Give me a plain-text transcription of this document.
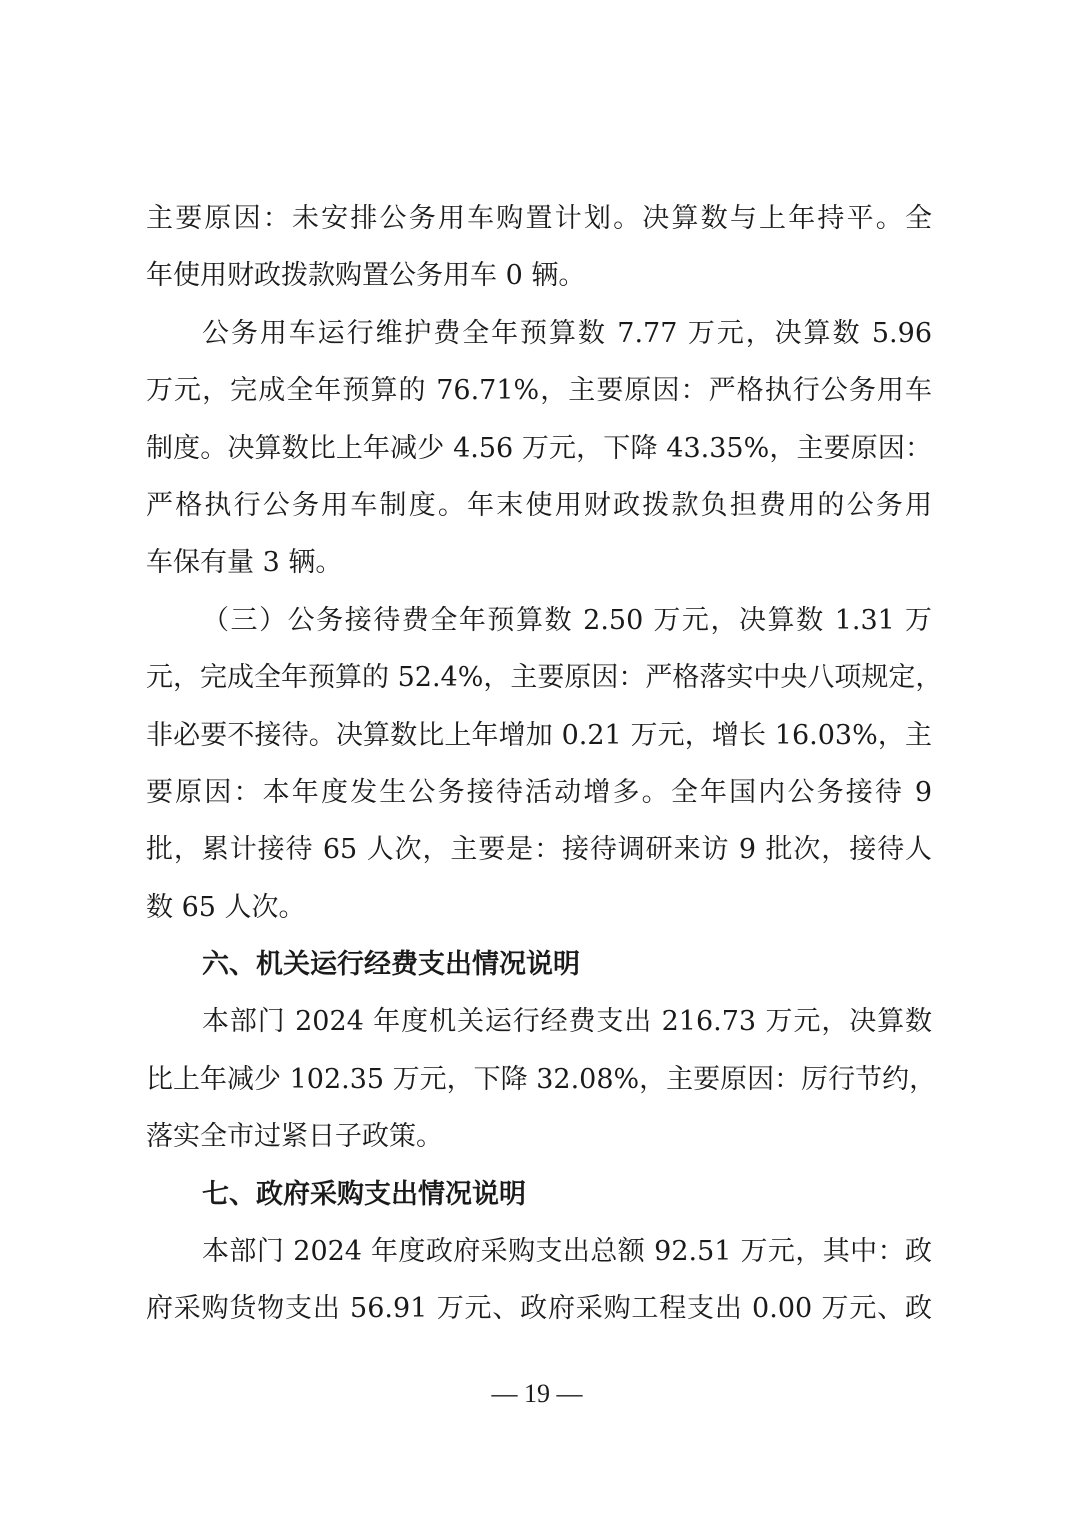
主要原因：未安排公务用车购置计划。决算数与上年持平。全
年使用财政拨款购置公务用车 0 辆。
公务用车运行维护费全年预算数 7.77 万元，决算数 5.96
万元，完成全年预算的 76.71%，主要原因：严格执行公务用车
制度。决算数比上年减少 4.56 万元，下降 43.35%，主要原因：
严格执行公务用车制度。年末使用财政拨款负担费用的公务用
车保有量 3 辆。
（三）公务接待费全年预算数 2.50 万元，决算数 1.31 万
元，完成全年预算的 52.4%，主要原因：严格落实中央八项规定，
非必要不接待。决算数比上年增加 0.21 万元，增长 16.03%，主
要原因：本年度发生公务接待活动增多。全年国内公务接待 9
批，累计接待 65 人次，主要是：接待调研来访 9 批次，接待人
数 65 人次。
六、机关运行经费支出情况说明
本部门 2024 年度机关运行经费支出 216.73 万元，决算数
比上年减少 102.35 万元，下降 32.08%，主要原因：厉行节约，
落实全市过紧日子政策。
七、政府采购支出情况说明
本部门 2024 年度政府采购支出总额 92.51 万元，其中：政
府采购货物支出 56.91 万元、政府采购工程支出 0.00 万元、政
— 19 —
